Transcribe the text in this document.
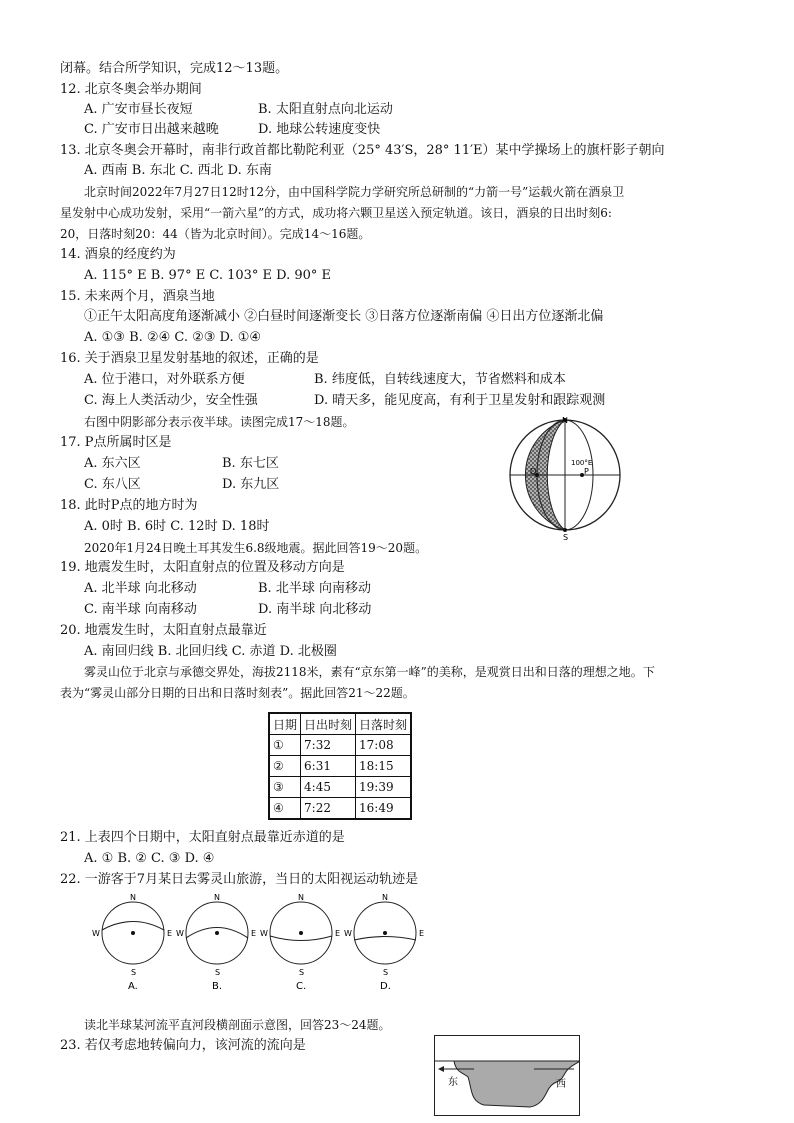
闭幕。结合所学知识，完成12～13题。
12. 北京冬奥会举办期间
A. 广安市昼长夜短	B. 太阳直射点向北运动
C. 广安市日出越来越晚	D. 地球公转速度变快
13. 北京冬奥会开幕时，南非行政首都比勒陀利亚（25° 43′S，28° 11′E）某中学操场上的旗杆影子朝向
A. 西南 B. 东北 C. 西北 D. 东南
北京时间2022年7月27日12时12分，由中国科学院力学研究所总研制的“力箭一号”运载火箭在酒泉卫
星发射中心成功发射，采用“一箭六星”的方式，成功将六颗卫星送入预定轨道。该日，酒泉的日出时刻6:
20，日落时刻20：44（皆为北京时间）。完成14～16题。
14. 酒泉的经度约为
A. 115° E B. 97° E C. 103° E D. 90° E
15. 未来两个月，酒泉当地
①正午太阳高度角逐渐减小 ②白昼时间逐渐变长 ③日落方位逐渐南偏 ④日出方位逐渐北偏
A. ①③ B. ②④ C. ②③ D. ①④
16. 关于酒泉卫星发射基地的叙述，正确的是
A. 位于港口，对外联系方便	B. 纬度低，自转线速度大，节省燃料和成本
C. 海上人类活动少，安全性强	D. 晴天多，能见度高，有利于卫星发射和跟踪观测
右图中阴影部分表示夜半球。读图完成17～18题。
17. P点所属时区是
A. 东六区	B. 东七区
C. 东八区	D. 东九区
18. 此时P点的地方时为
A. 0时 B. 6时 C. 12时 D. 18时
2020年1月24日晚土耳其发生6.8级地震。据此回答19～20题。
19. 地震发生时，太阳直射点的位置及移动方向是
A. 北半球 向北移动	B. 北半球 向南移动
C. 南半球 向南移动	D. 南半球 向北移动
20. 地震发生时，太阳直射点最靠近
A. 南回归线 B. 北回归线 C. 赤道 D. 北极圈
雾灵山位于北京与承德交界处，海拔2118米，素有“京东第一峰”的美称，是观赏日出和日落的理想之地。下
表为“雾灵山部分日期的日出和日落时刻表”。据此回答21～22题。
日期	日出时刻	日落时刻
①	7:32	17:08
②	6:31	18:15
③	4:45	19:39
④	7:22	16:49
21. 上表四个日期中，太阳直射点最靠近赤道的是
A. ① B. ② C. ③ D. ④
22. 一游客于7月某日去雾灵山旅游，当日的太阳视运动轨迹是
读北半球某河流平直河段横剖面示意图，回答23～24题。
23. 若仅考虑地转偏向力，该河流的流向是
N
S
Q	P
100°E
N
S
W	E
A.
N
S
W	E
B.
N
S
W	E
C.
N
S
W	E
D.
东	西
